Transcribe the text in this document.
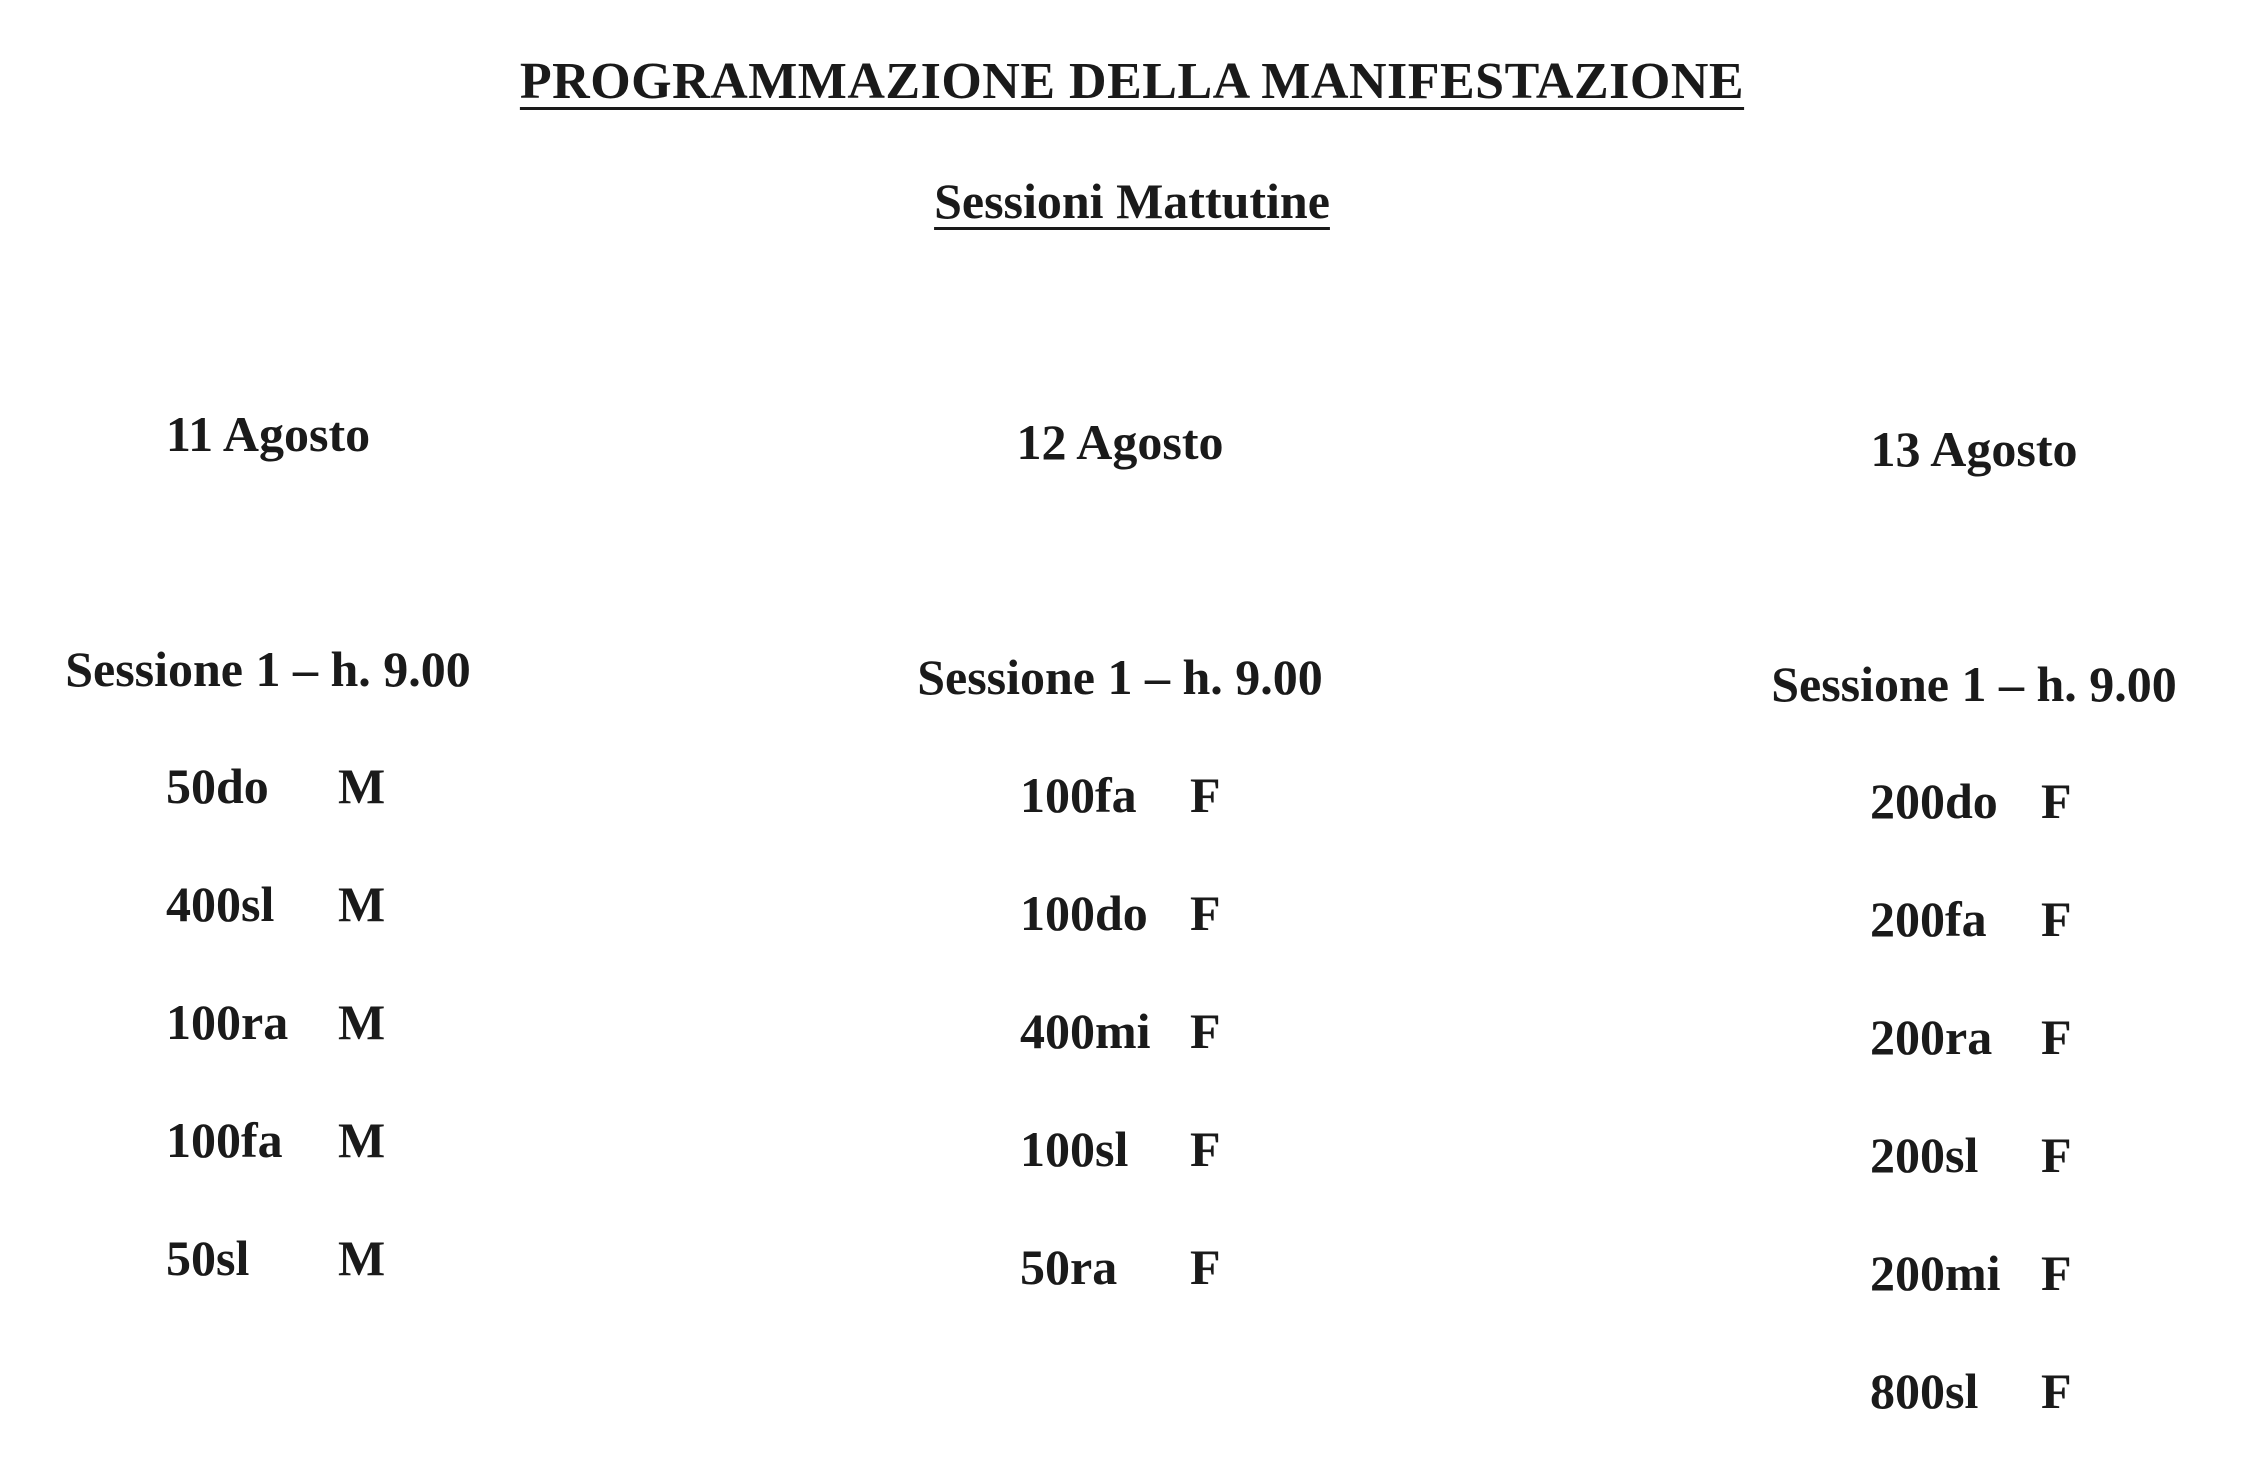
PROGRAMMAZIONE DELLA MANIFESTAZIONE
Sessioni Mattutine
11 Agosto
Sessione 1 – h. 9.00
50do M
400sl M
100ra M
100fa M
50sl M
12 Agosto
Sessione 1 – h. 9.00
100fa F
100do F
400mi F
100sl F
50ra F
13 Agosto
Sessione 1 – h. 9.00
200do F
200fa F
200ra F
200sl F
200mi F
800sl F
